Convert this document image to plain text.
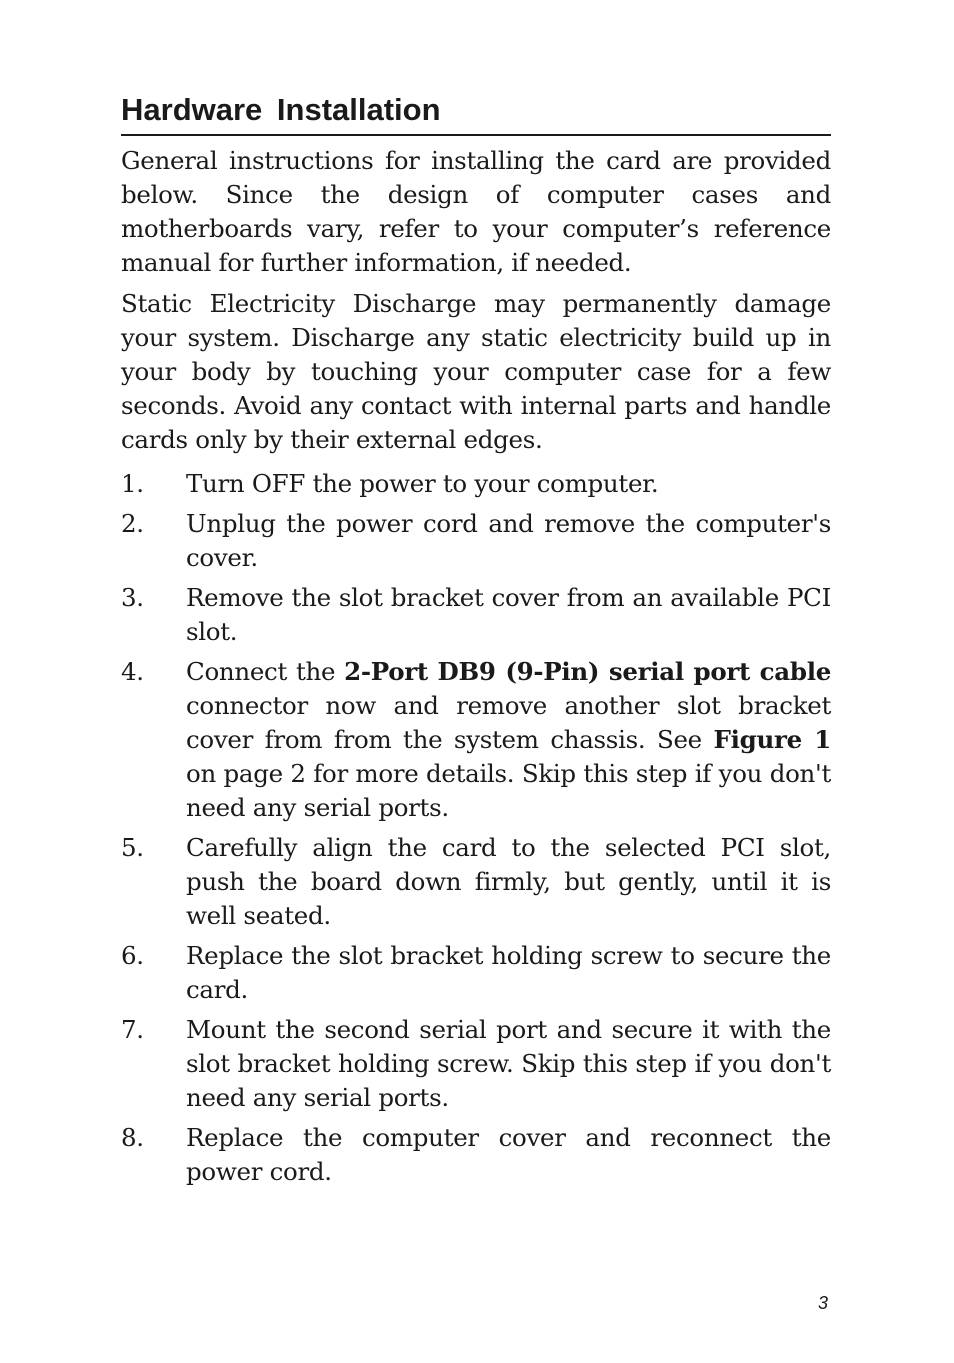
Hardware Installation

General instructions for installing the card are provided below. Since the design of computer cases and motherboards vary, refer to your computer’s reference manual for further information, if needed.

Static Electricity Discharge may permanently damage your system. Discharge any static electricity build up in your body by touching your computer case for a few seconds. Avoid any contact with internal parts and handle cards only by their external edges.

1.	Turn OFF the power to your computer.
2.	Unplug the power cord and remove the computer's cover.
3.	Remove the slot bracket cover from an available PCI slot.
4.	Connect the 2-Port DB9 (9-Pin) serial port cable connector now and remove another slot bracket cover from from the system chassis. See Figure 1 on page 2 for more details. Skip this step if you don't need any serial ports.
5.	Carefully align the card to the selected PCI slot, push the board down firmly, but gently, until it is well seated.
6.	Replace the slot bracket holding screw to secure the card.
7.	Mount the second serial port and secure it with the slot bracket holding screw. Skip this step if you don't need any serial ports.
8.	Replace the computer cover and reconnect the power cord.
3
